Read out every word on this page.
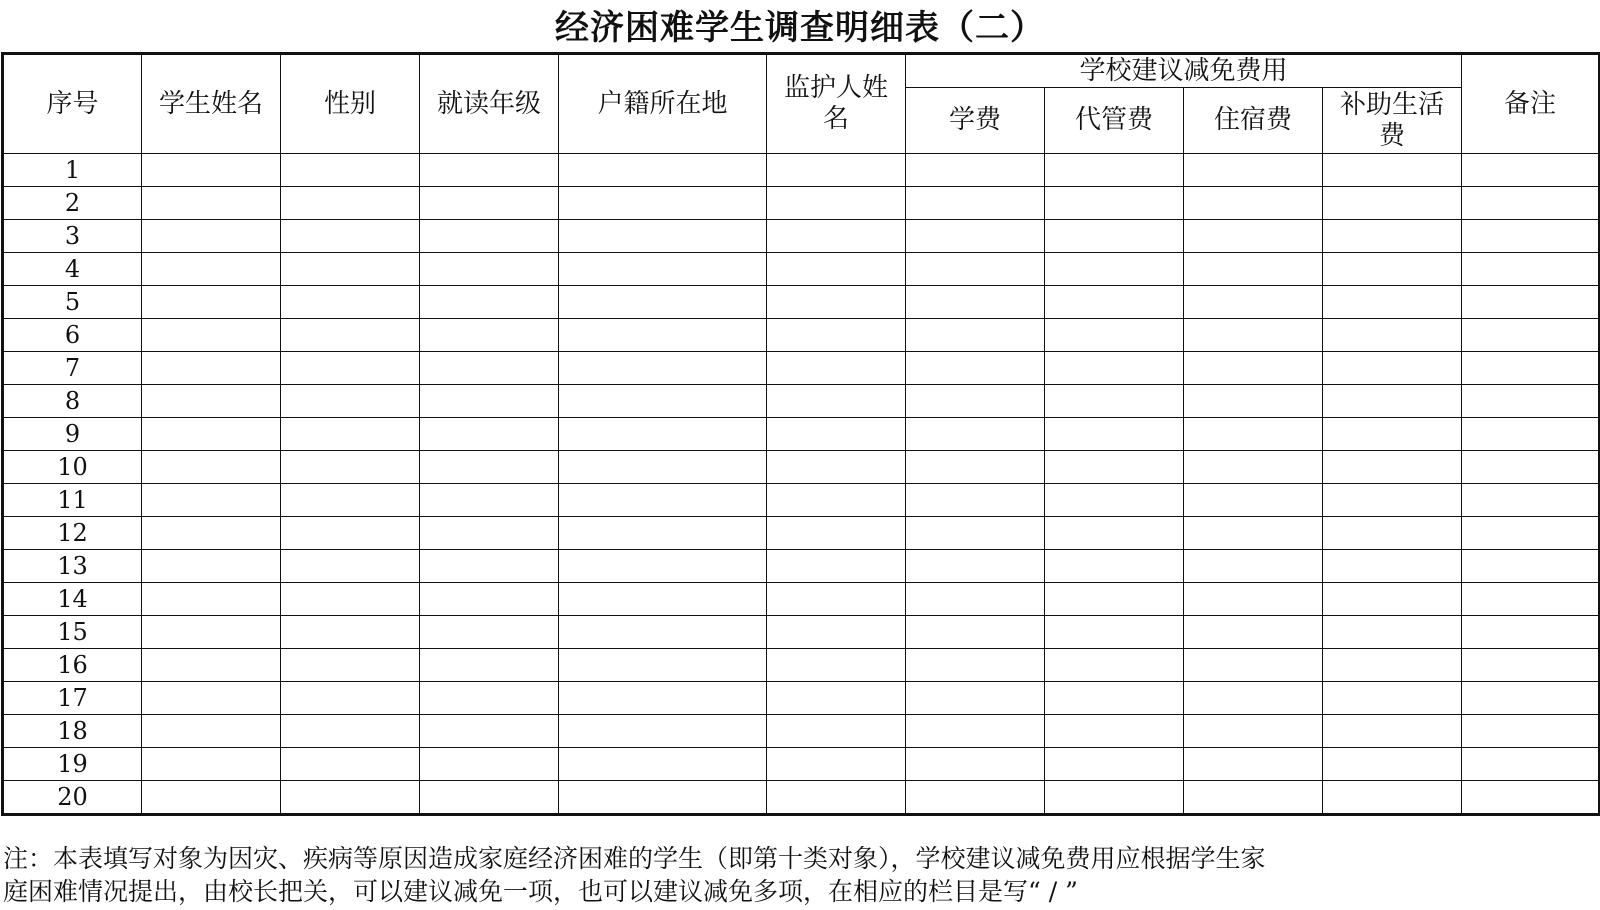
经济困难学生调查明细表（二）
序号	学生姓名	性别	就读年级	户籍所在地	监护人姓名	学校建议减免费用				备注
						学费	代管费	住宿费	补助生活费	
1										
2										
3										
4										
5										
6										
7										
8										
9										
10										
11										
12										
13										
14										
15										
16										
17										
18										
19										
20										
注：本表填写对象为因灾、疾病等原因造成家庭经济困难的学生（即第十类对象），学校建议减免费用应根据学生家
庭困难情况提出，由校长把关，可以建议减免一项，也可以建议减免多项，在相应的栏目是写“ / ”
